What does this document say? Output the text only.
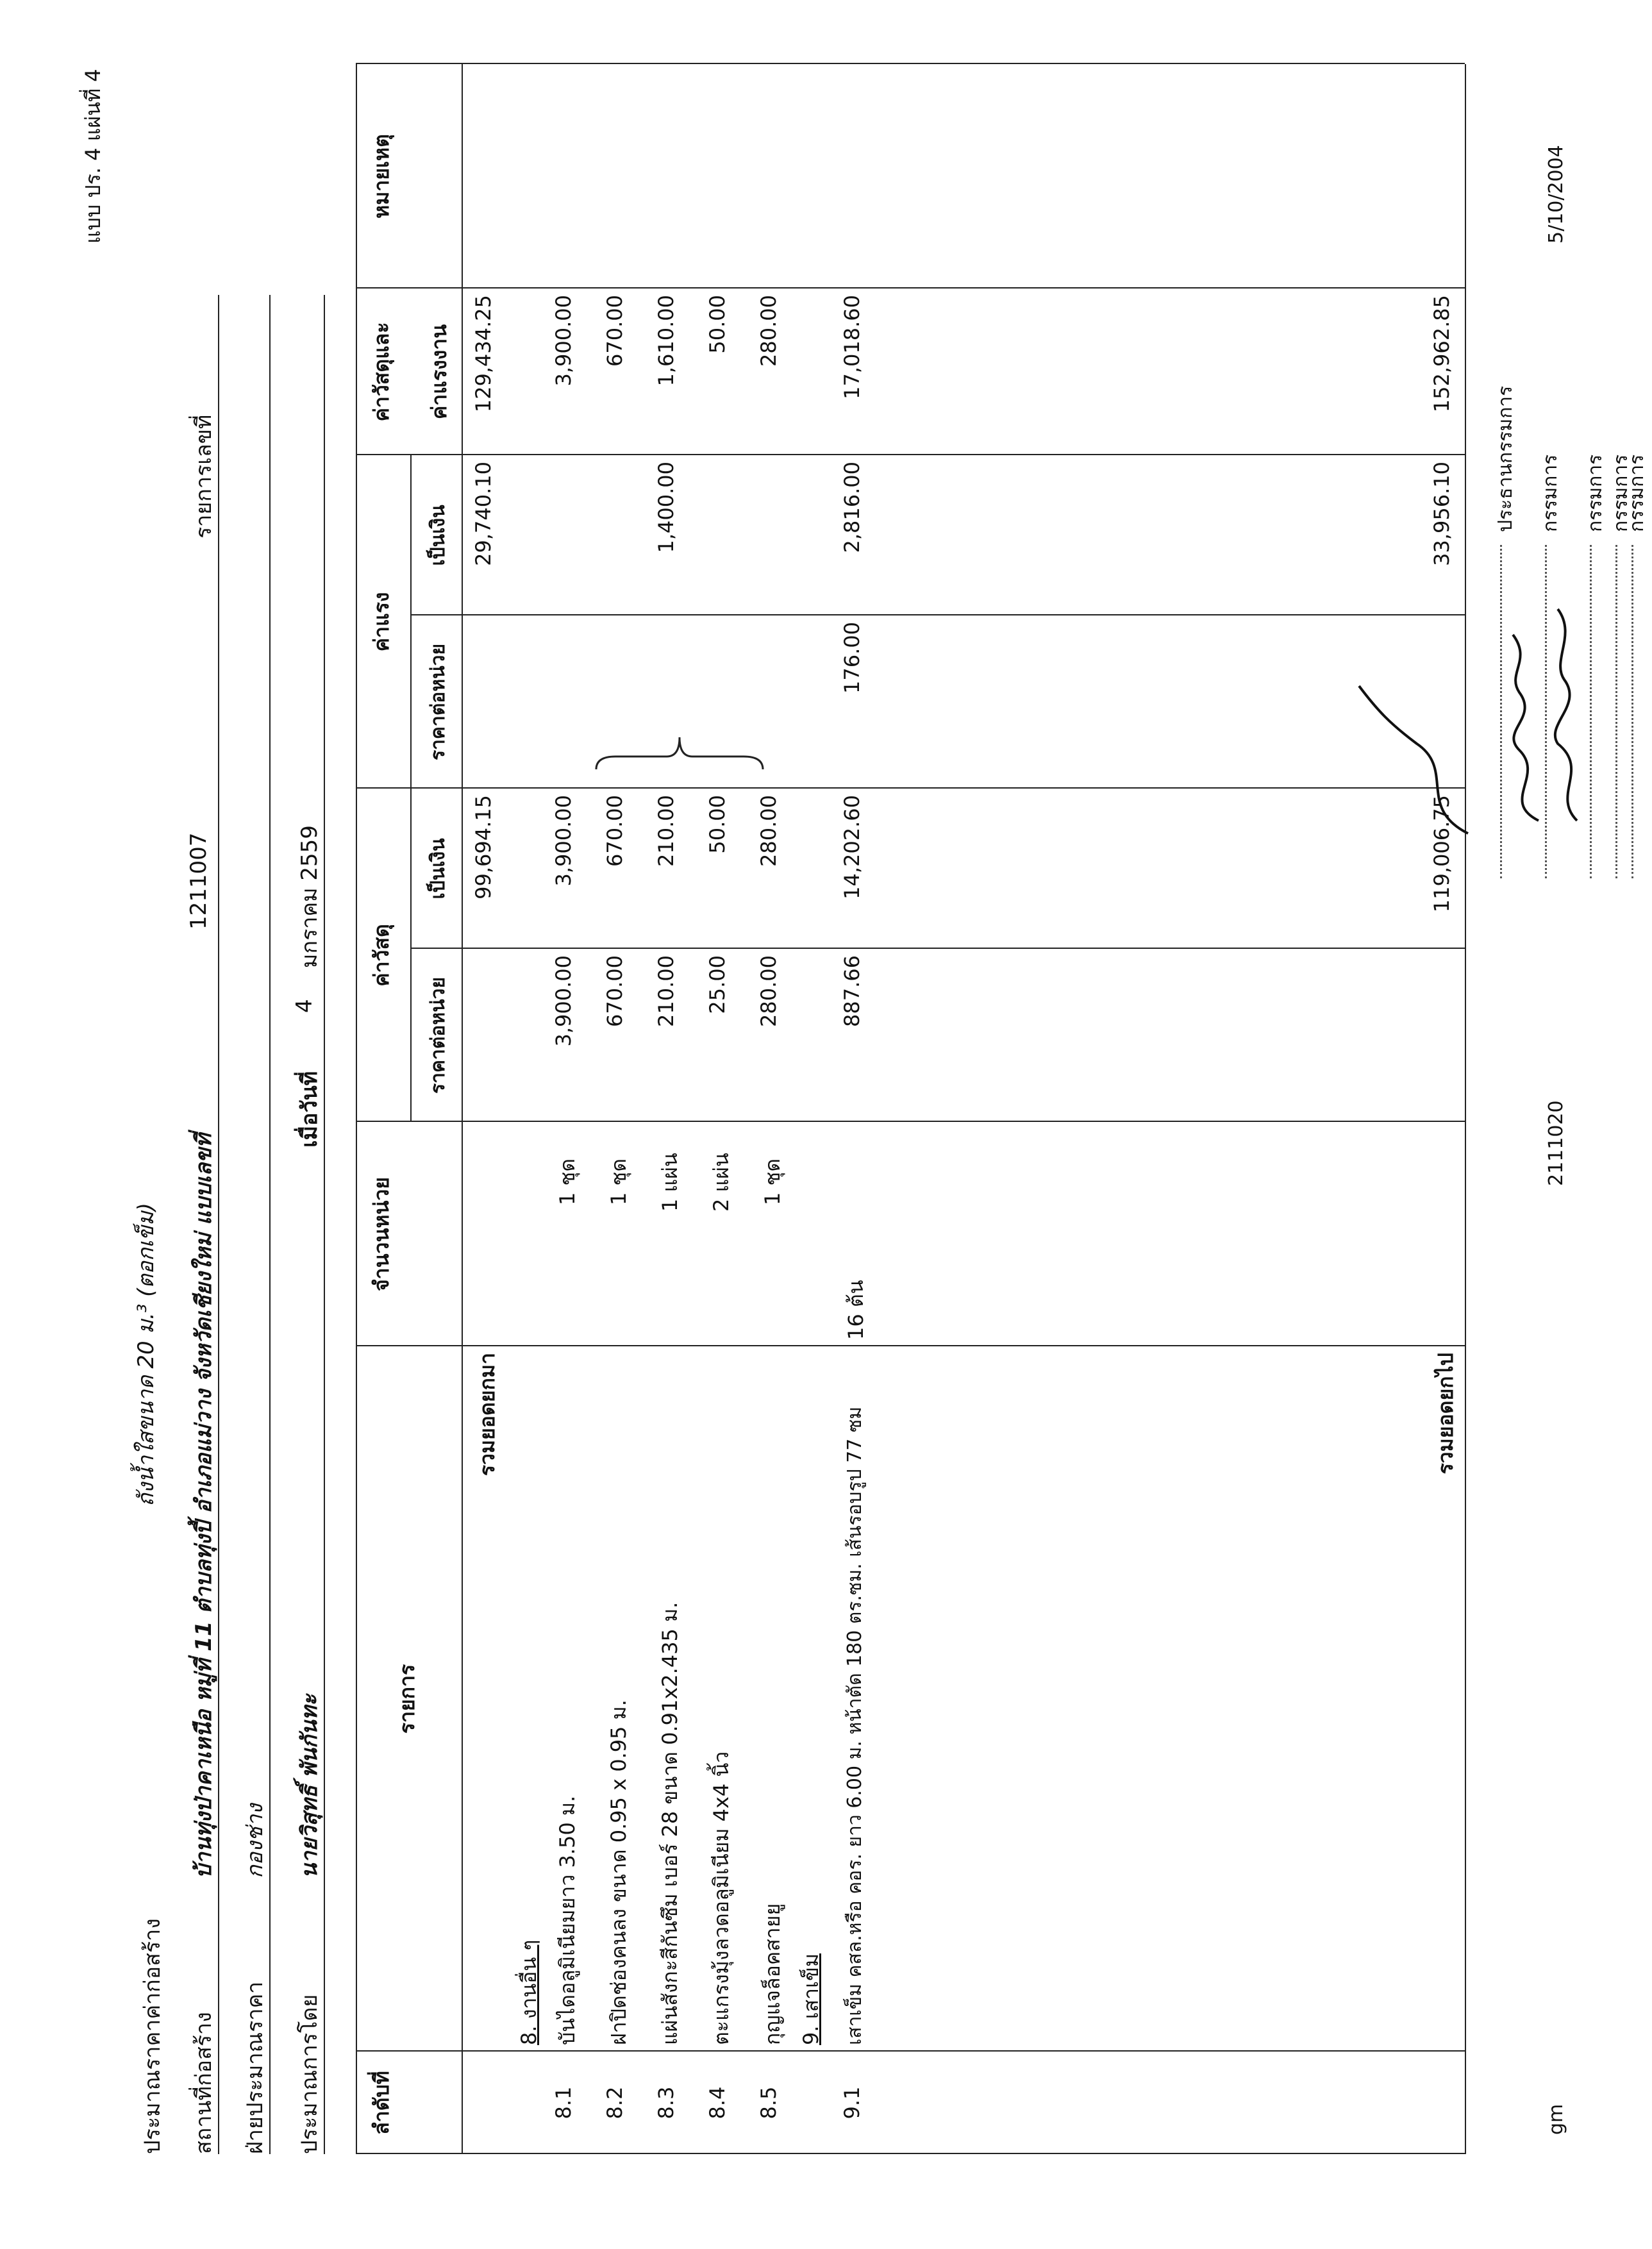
แบบ ปร. 4 แผ่นที่ 4
ประมาณราคาค่าก่อสร้าง
ถังน้ำใสขนาด 20 ม.³ (ตอกเข็ม)
สถานที่ก่อสร้าง
บ้านทุ่งป่าคาเหนือ หมู่ที่ 11 ตำบลทุ่งปี้ อำเภอแม่วาง จังหวัดเชียงใหม่ แบบเลขที่
1211007
รายการเลขที่
ฝ่ายประมาณราคา
กองช่าง
ประมาณการโดย
นายวิสุทธิ์ พันกันทะ
เมื่อวันที่
4
มกราคม 2559
ลำดับที่
รายการ
จำนวนหน่วย
ค่าวัสดุ
ราคาต่อหน่วย
เป็นเงิน
ค่าแรง
ราคาต่อหน่วย
เป็นเงิน
ค่าวัสดุและ ค่าแรงงาน
หมายเหตุ
รวมยอดยกมา
99,694.15
29,740.10
129,434.25
8. งานอื่น ๆ
8.1
บันไดอลูมิเนียมยาว 3.50 ม.
1 ชุด
3,900.00
3,900.00
3,900.00
8.2
ฝาปิดช่องคนลง ขนาด 0.95 x 0.95 ม.
1 ชุด
670.00
670.00
670.00
8.3
แผ่นสังกะสีกันซึม เบอร์ 28 ขนาด 0.91x2.435 ม.
1 แผ่น
210.00
210.00
1,400.00
1,610.00
8.4
ตะแกรงมุ้งลวดอลูมิเนียม 4x4 นิ้ว
2 แผ่น
25.00
50.00
50.00
8.5
กุญแจล็อคสายยู
1 ชุด
280.00
280.00
280.00
9. เสาเข็ม
9.1
เสาเข็ม คสล.หรือ คอร. ยาว 6.00 ม. หน้าตัด 180 ตร.ซม. เส้นรอบรูป 77 ซม
16 ต้น
887.66
14,202.60
176.00
2,816.00
17,018.60
รวมยอดยกไป
119,006.75
33,956.10
152,962.85
ประธานกรรมการ กรรมการ กรรมการ กรรมการ
กรรมการ
gm
2111020
5/10/2004
